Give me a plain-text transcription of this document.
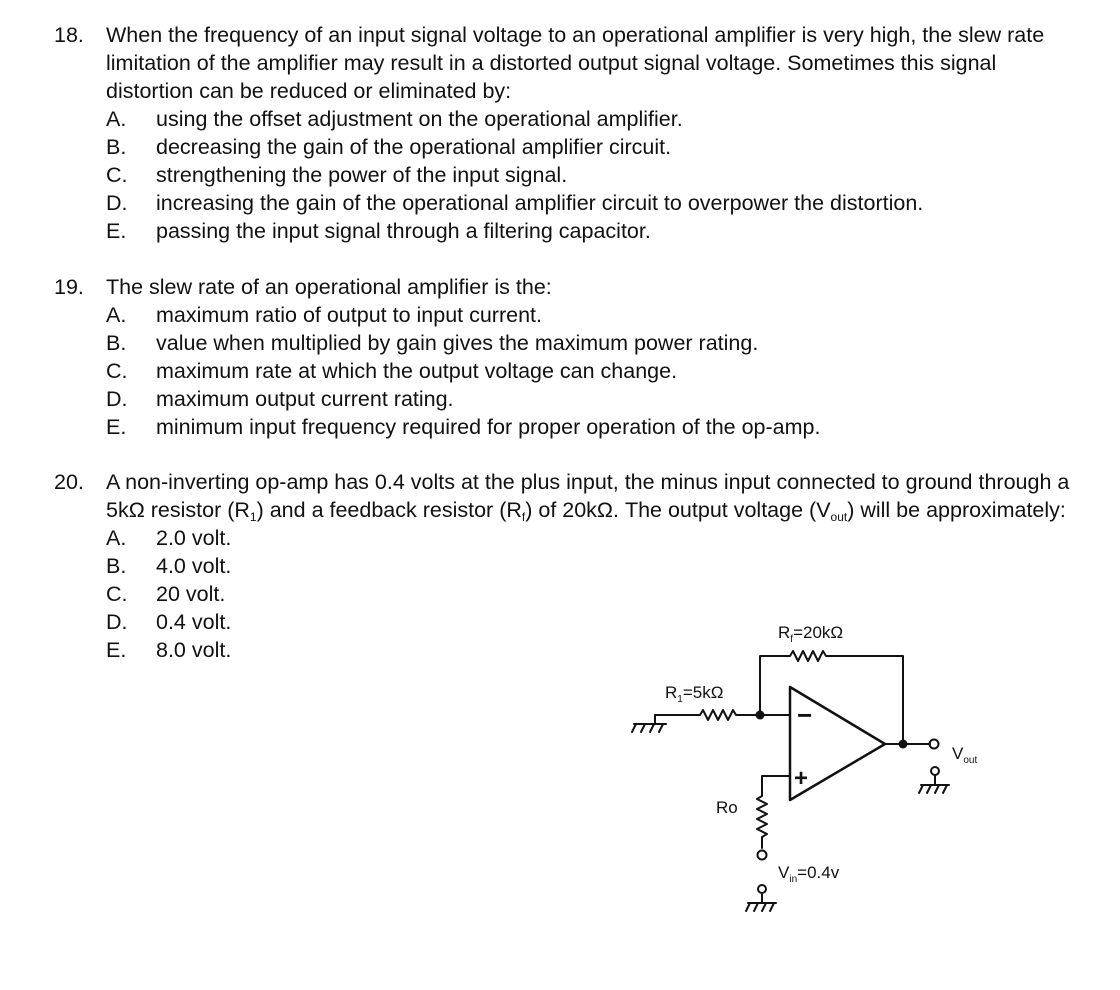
18. When the frequency of an input signal voltage to an operational amplifier is very high, the slew rate limitation of the amplifier may result in a distorted output signal voltage. Sometimes this signal distortion can be reduced or eliminated by:
A. using the offset adjustment on the operational amplifier.
B. decreasing the gain of the operational amplifier circuit.
C. strengthening the power of the input signal.
D. increasing the gain of the operational amplifier circuit to overpower the distortion.
E. passing the input signal through a filtering capacitor.
19. The slew rate of an operational amplifier is the:
A. maximum ratio of output to input current.
B. value when multiplied by gain gives the maximum power rating.
C. maximum rate at which the output voltage can change.
D. maximum output current rating.
E. minimum input frequency required for proper operation of the op-amp.
20. A non-inverting op-amp has 0.4 volts at the plus input, the minus input connected to ground through a 5kΩ resistor $(R_1)$ and a feedback resistor $(R_f)$ of 20kΩ. The output voltage $(V_{out})$ will be approximately:
A. 2.0 volt.
B. 4.0 volt.
C. 20 volt.
D. 0.4 volt.
E. 8.0 volt.
$R_f=20k\Omega$
$R_1=5k\Omega$
−
+
Ro
$V_{in}=0.4v$
$V_{out}$
